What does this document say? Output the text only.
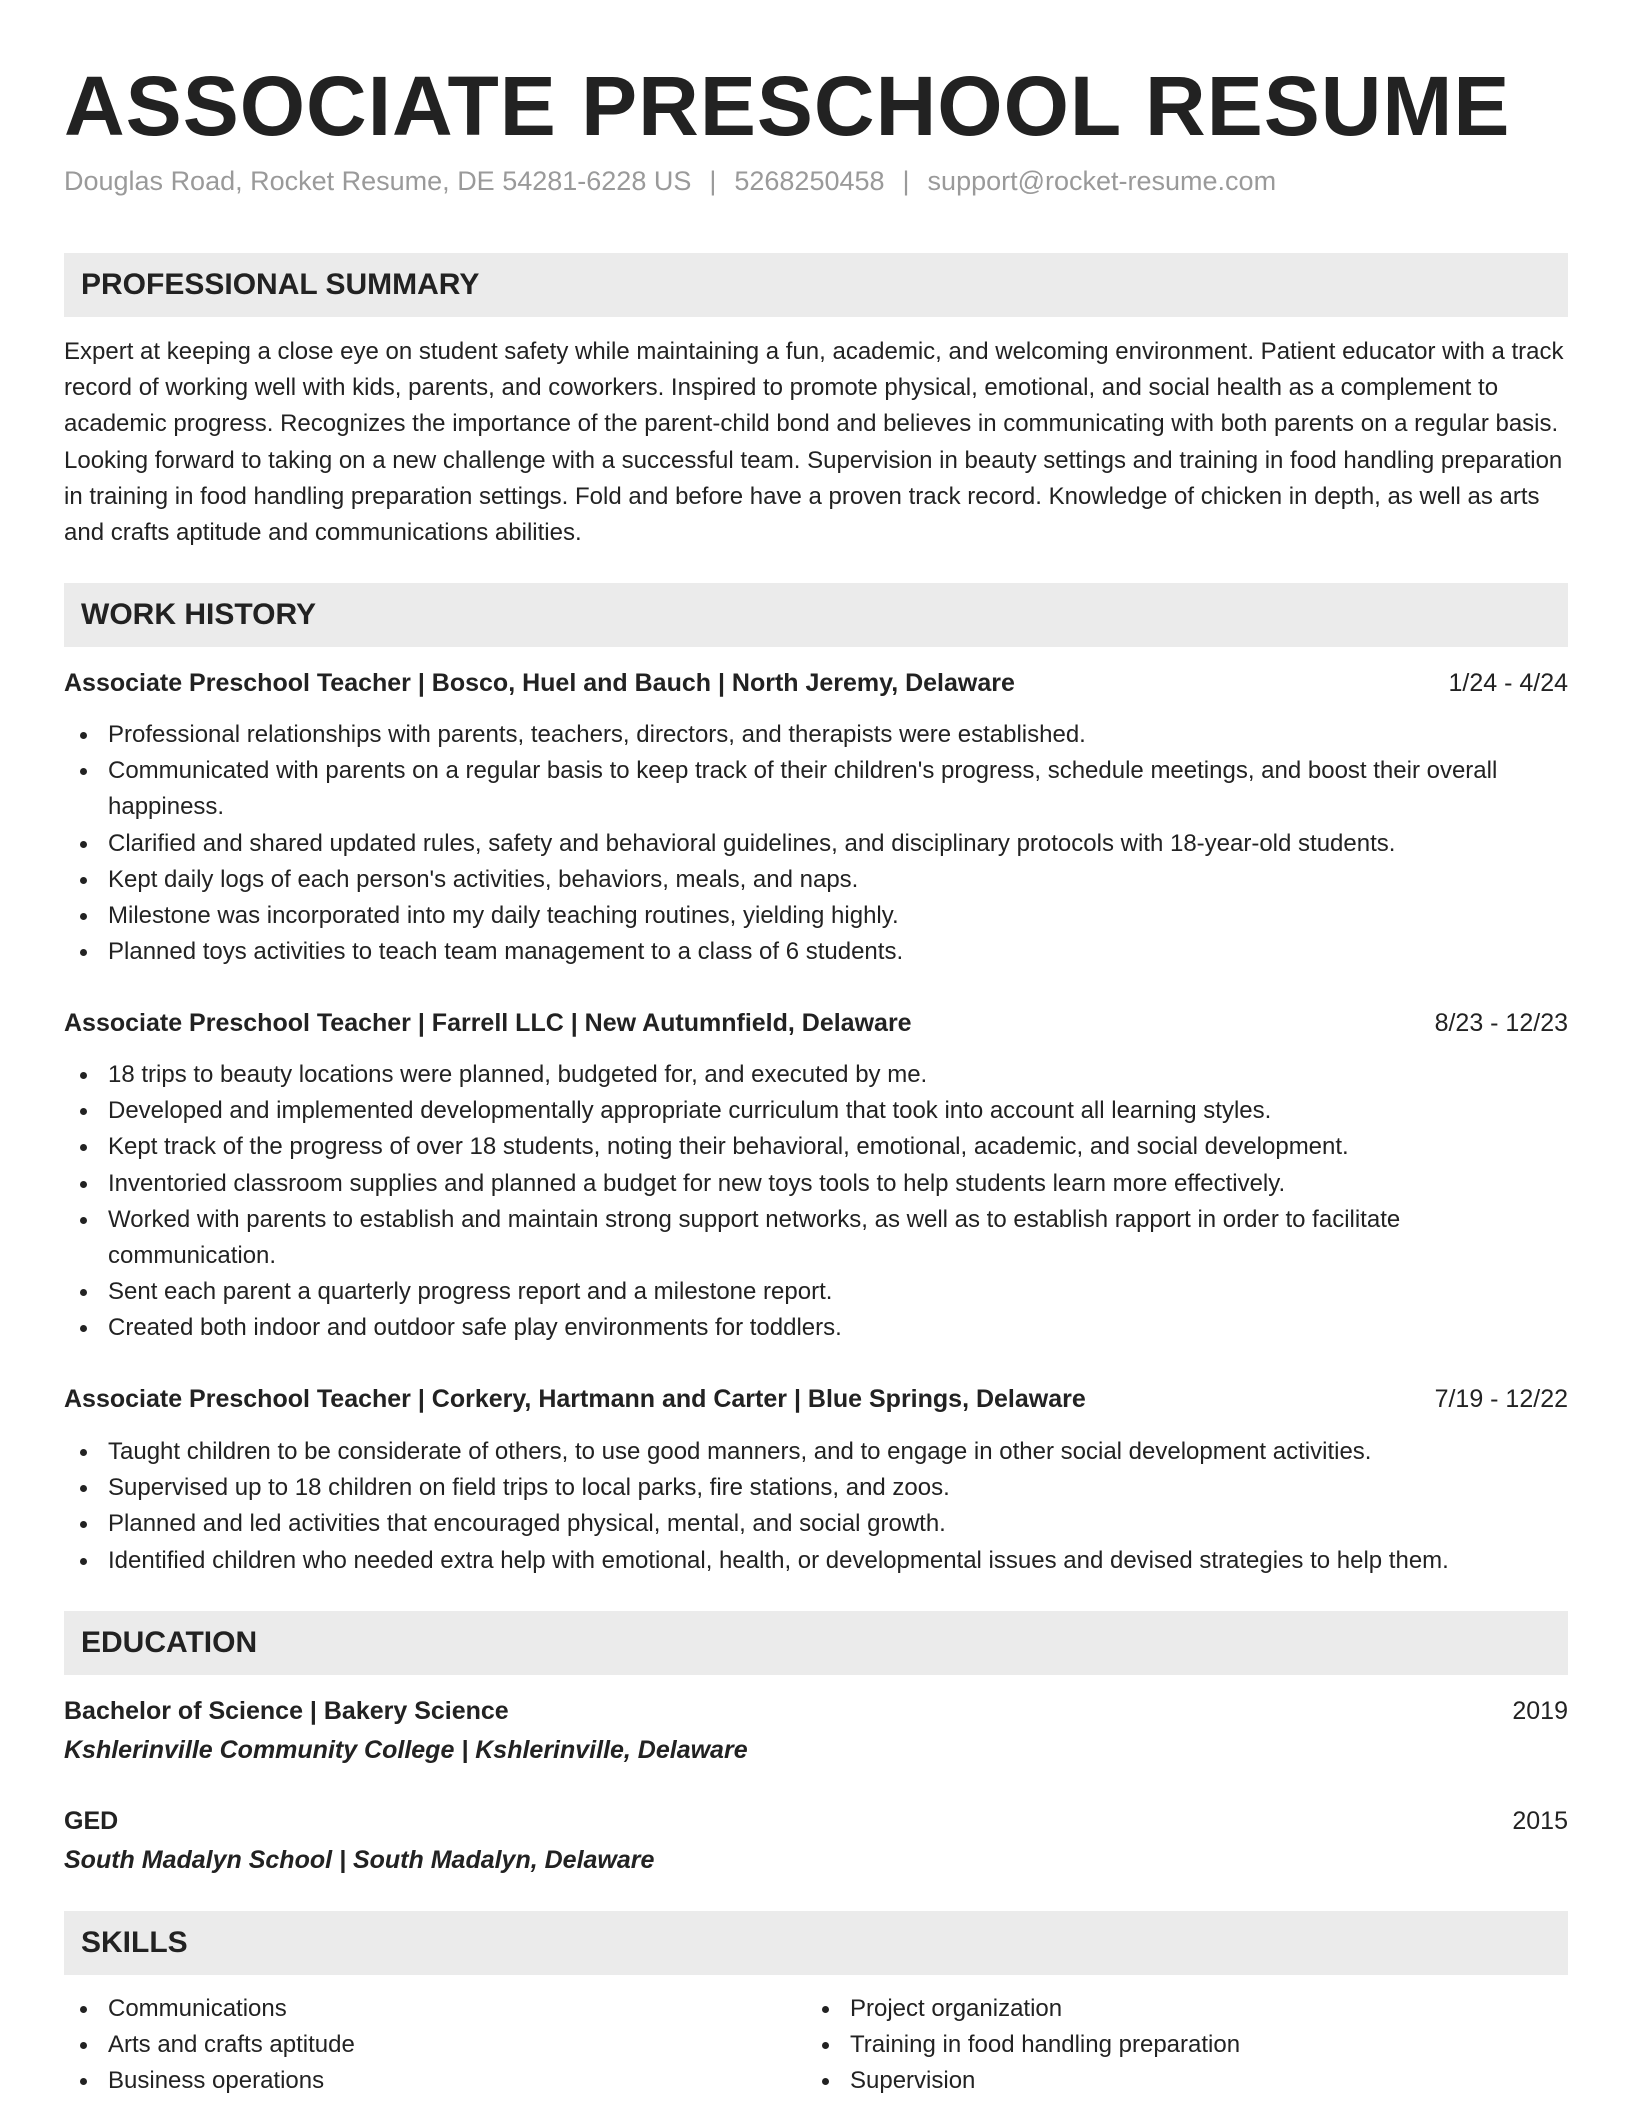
ASSOCIATE PRESCHOOL RESUME
Douglas Road, Rocket Resume, DE 54281-6228 US | 5268250458 | support@rocket-resume.com
PROFESSIONAL SUMMARY

Expert at keeping a close eye on student safety while maintaining a fun, academic, and welcoming environment. Patient educator with a track record of working well with kids, parents, and coworkers. Inspired to promote physical, emotional, and social health as a complement to academic progress. Recognizes the importance of the parent-child bond and believes in communicating with both parents on a regular basis. Looking forward to taking on a new challenge with a successful team. Supervision in beauty settings and training in food handling preparation in training in food handling preparation settings. Fold and before have a proven track record. Knowledge of chicken in depth, as well as arts and crafts aptitude and communications abilities.

WORK HISTORY
Associate Preschool Teacher | Bosco, Huel and Bauch | North Jeremy, Delaware	1/24 - 4/24
Professional relationships with parents, teachers, directors, and therapists were established.
Communicated with parents on a regular basis to keep track of their children's progress, schedule meetings, and boost their overall happiness.
Clarified and shared updated rules, safety and behavioral guidelines, and disciplinary protocols with 18-year-old students.
Kept daily logs of each person's activities, behaviors, meals, and naps.
Milestone was incorporated into my daily teaching routines, yielding highly.
Planned toys activities to teach team management to a class of 6 students.
Associate Preschool Teacher | Farrell LLC | New Autumnfield, Delaware	8/23 - 12/23
18 trips to beauty locations were planned, budgeted for, and executed by me.
Developed and implemented developmentally appropriate curriculum that took into account all learning styles.
Kept track of the progress of over 18 students, noting their behavioral, emotional, academic, and social development.
Inventoried classroom supplies and planned a budget for new toys tools to help students learn more effectively.
Worked with parents to establish and maintain strong support networks, as well as to establish rapport in order to facilitate communication.
Sent each parent a quarterly progress report and a milestone report.
Created both indoor and outdoor safe play environments for toddlers.
Associate Preschool Teacher | Corkery, Hartmann and Carter | Blue Springs, Delaware	7/19 - 12/22
Taught children to be considerate of others, to use good manners, and to engage in other social development activities.
Supervised up to 18 children on field trips to local parks, fire stations, and zoos.
Planned and led activities that encouraged physical, mental, and social growth.
Identified children who needed extra help with emotional, health, or developmental issues and devised strategies to help them.
EDUCATION
Bachelor of Science | Bakery Science	2019
Kshlerinville Community College | Kshlerinville, Delaware
GED	2015
South Madalyn School | South Madalyn, Delaware
SKILLS
Communications
Arts and crafts aptitude
Business operations
Project organization
Training in food handling preparation
Supervision
